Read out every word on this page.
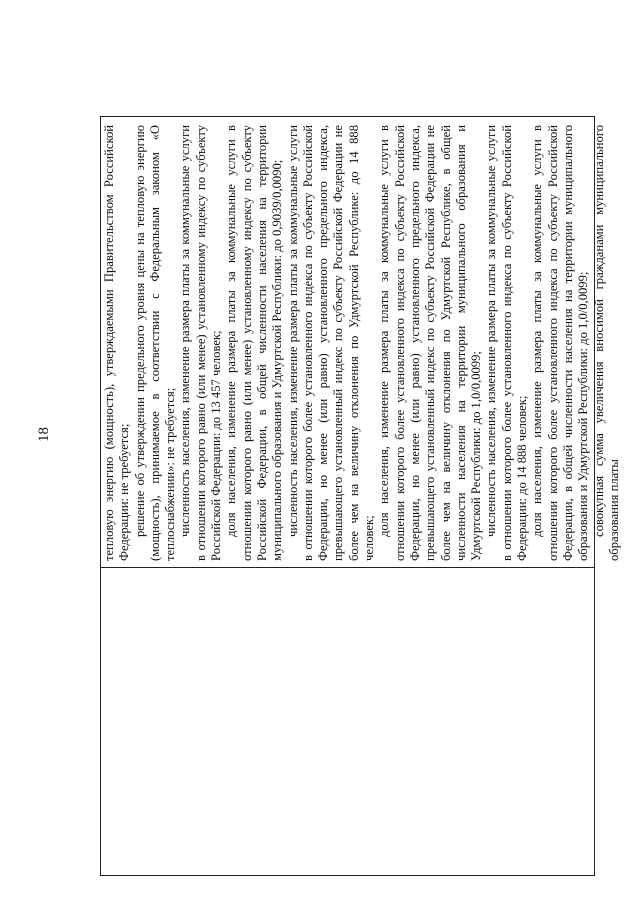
18	тепловую энергию (мощность), утверждаемыми Правительством Российской Федерации: не требуется; решение об утверждении предельного уровня цены на тепловую энергию (мощность), принимаемое в соответствии с Федеральным законом «О теплоснабжении»: не требуется; численность населения, изменение размера платы за коммунальные услуги в отношении которого равно (или менее) установленному индексу по субъекту Российской Федерации: до 13 457 человек; доля населения, изменение размера платы за коммунальные услуги в отношении которого равно (или менее) установленному индексу по субъекту Российской Федерации, в общей численности населения на территории муниципального образования и Удмуртской Республики: до 0,9039/0,0090; численность населения, изменение размера платы за коммунальные услуги в отношении которого более установленного индекса по субъекту Российской Федерации, но менее (или равно) установленного предельного индекса, превышающего установленный индекс по субъекту Российской Федерации не более чем на величину отклонения по Удмуртской Республике: до 14 888 человек;

доля населения, изменение размера платы за коммунальные услуги в отношении которого более установленного индекса по субъекту Российской Федерации, но менее (или равно) установленного предельного индекса, превышающего установленный индекс по субъекту Российской Федерации не более чем на величину отклонения по Удмуртской Республике, в общей численности населения на территории муниципального образования и Удмуртской Республики: до 1,0/0,0099; численность населения, изменение размера платы за коммунальные услуги в отношении которого более установленного индекса по субъекту Российской Федерации: до 14 888 человек; доля населения, изменение размера платы за коммунальные услуги в отношении которого более установленного индекса по субъекту Российской Федерации, в общей численности населения на территории муниципального образования и Удмуртской Республики: до 1,0/0,0099; совокупная сумма увеличения вносимой гражданами муниципального образования платы
